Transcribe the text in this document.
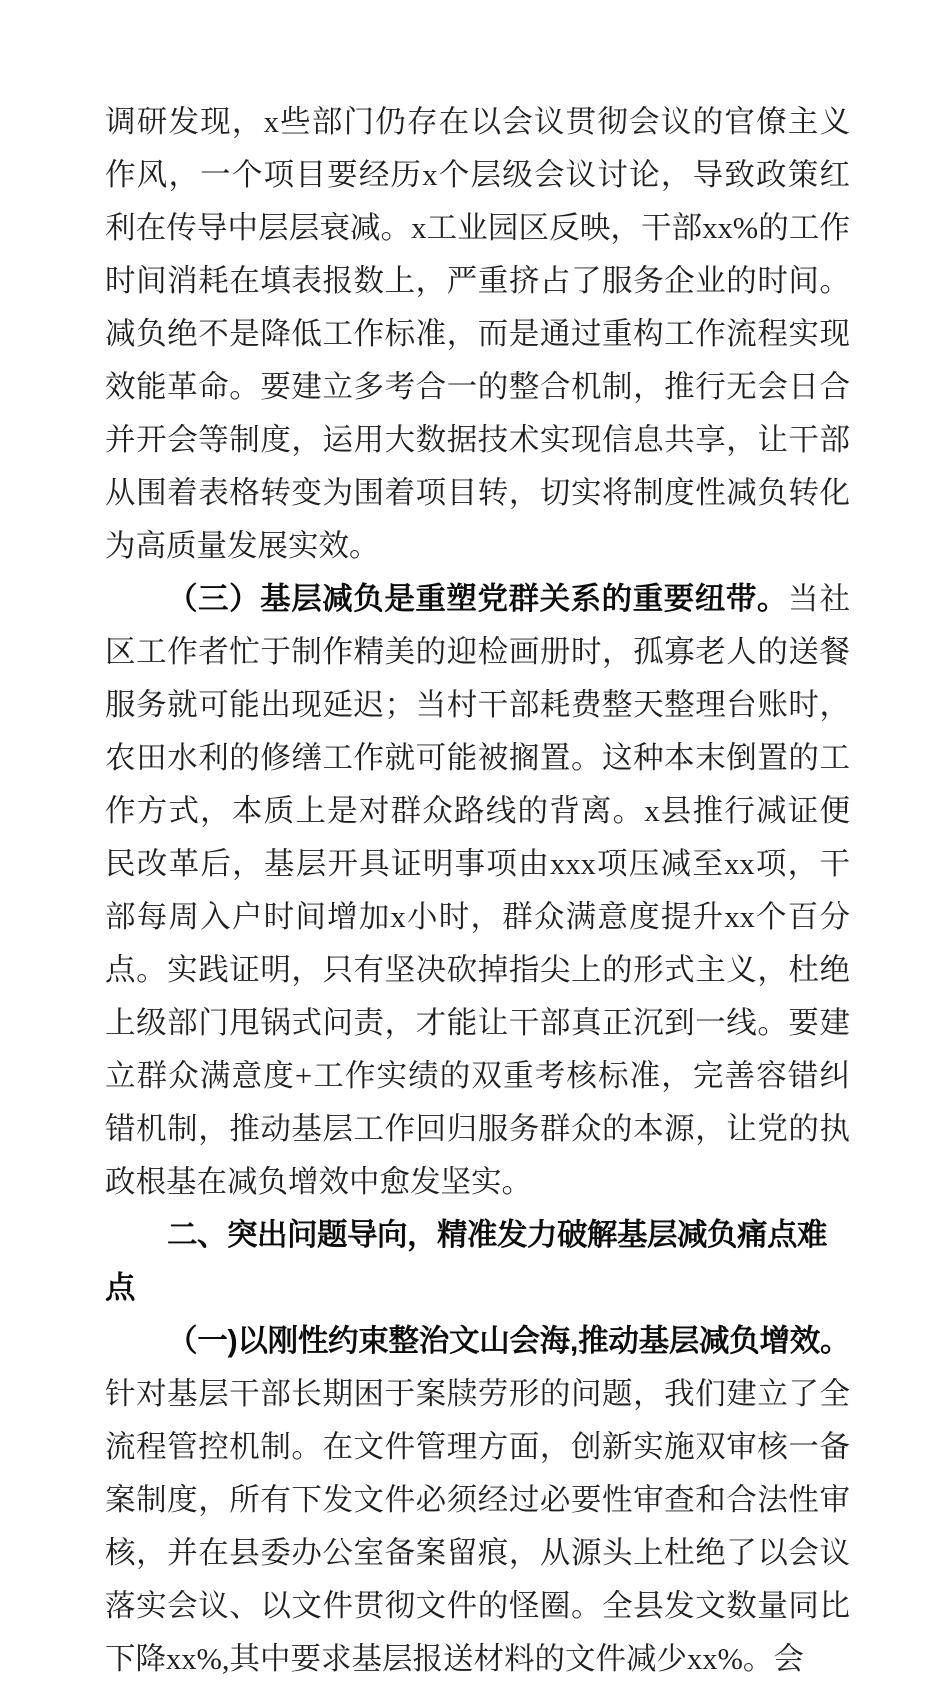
调研发现，x些部门仍存在以会议贯彻会议的官僚主义作风，一个项目要经历x个层级会议讨论，导致政策红利在传导中层层衰减。x工业园区反映，干部xx%的工作时间消耗在填表报数上，严重挤占了服务企业的时间。减负绝不是降低工作标准，而是通过重构工作流程实现效能革命。要建立多考合一的整合机制，推行无会日合并开会等制度，运用大数据技术实现信息共享，让干部从围着表格转变为围着项目转，切实将制度性减负转化为高质量发展实效。

（三）基层减负是重塑党群关系的重要纽带。当社区工作者忙于制作精美的迎检画册时，孤寡老人的送餐服务就可能出现延迟；当村干部耗费整天整理台账时，农田水利的修缮工作就可能被搁置。这种本末倒置的工作方式，本质上是对群众路线的背离。x县推行减证便民改革后，基层开具证明事项由xxx项压减至xx项，干部每周入户时间增加x小时，群众满意度提升xx个百分点。实践证明，只有坚决砍掉指尖上的形式主义，杜绝上级部门甩锅式问责，才能让干部真正沉到一线。要建立群众满意度+工作实绩的双重考核标准，完善容错纠错机制，推动基层工作回归服务群众的本源，让党的执政根基在减负增效中愈发坚实。

二、突出问题导向，精准发力破解基层减负痛点难点

（一)以刚性约束整治文山会海,推动基层减负增效。针对基层干部长期困于案牍劳形的问题，我们建立了全流程管控机制。在文件管理方面，创新实施双审核一备案制度，所有下发文件必须经过必要性审查和合法性审核，并在县委办公室备案留痕，从源头上杜绝了以会议落实会议、以文件贯彻文件的怪圈。全县发文数量同比下降xx%,其中要求基层报送材料的文件减少xx%。会
